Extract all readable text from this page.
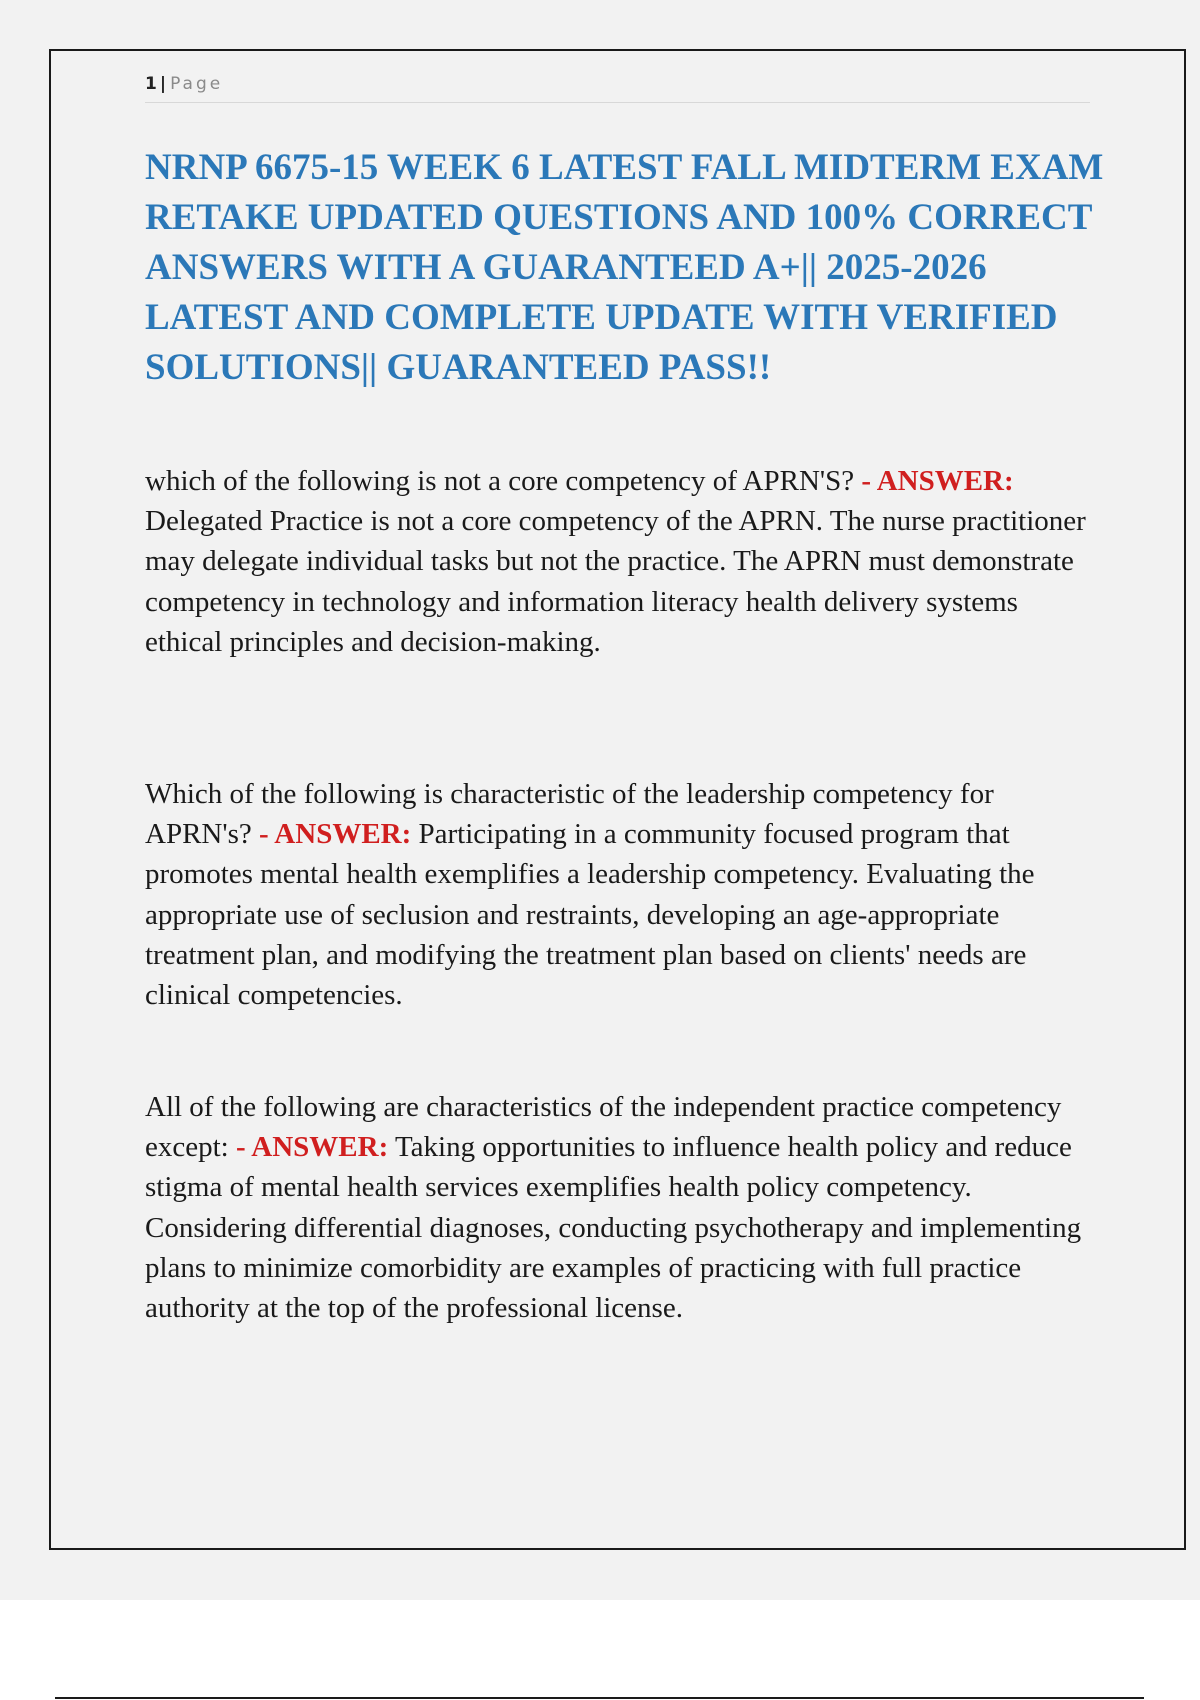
1 | Page
NRNP 6675-15 WEEK 6 LATEST FALL MIDTERM EXAM RETAKE UPDATED QUESTIONS AND 100% CORRECT ANSWERS WITH A GUARANTEED A+|| 2025-2026 LATEST AND COMPLETE UPDATE WITH VERIFIED SOLUTIONS|| GUARANTEED PASS!!

which of the following is not a core competency of APRN'S? - ANSWER: Delegated Practice is not a core competency of the APRN. The nurse practitioner may delegate individual tasks but not the practice. The APRN must demonstrate competency in technology and information literacy health delivery systems ethical principles and decision-making.

Which of the following is characteristic of the leadership competency for APRN's? - ANSWER: Participating in a community focused program that promotes mental health exemplifies a leadership competency. Evaluating the appropriate use of seclusion and restraints, developing an age-appropriate treatment plan, and modifying the treatment plan based on clients' needs are clinical competencies.

All of the following are characteristics of the independent practice competency except: - ANSWER: Taking opportunities to influence health policy and reduce stigma of mental health services exemplifies health policy competency. Considering differential diagnoses, conducting psychotherapy and implementing plans to minimize comorbidity are examples of practicing with full practice authority at the top of the professional license.
